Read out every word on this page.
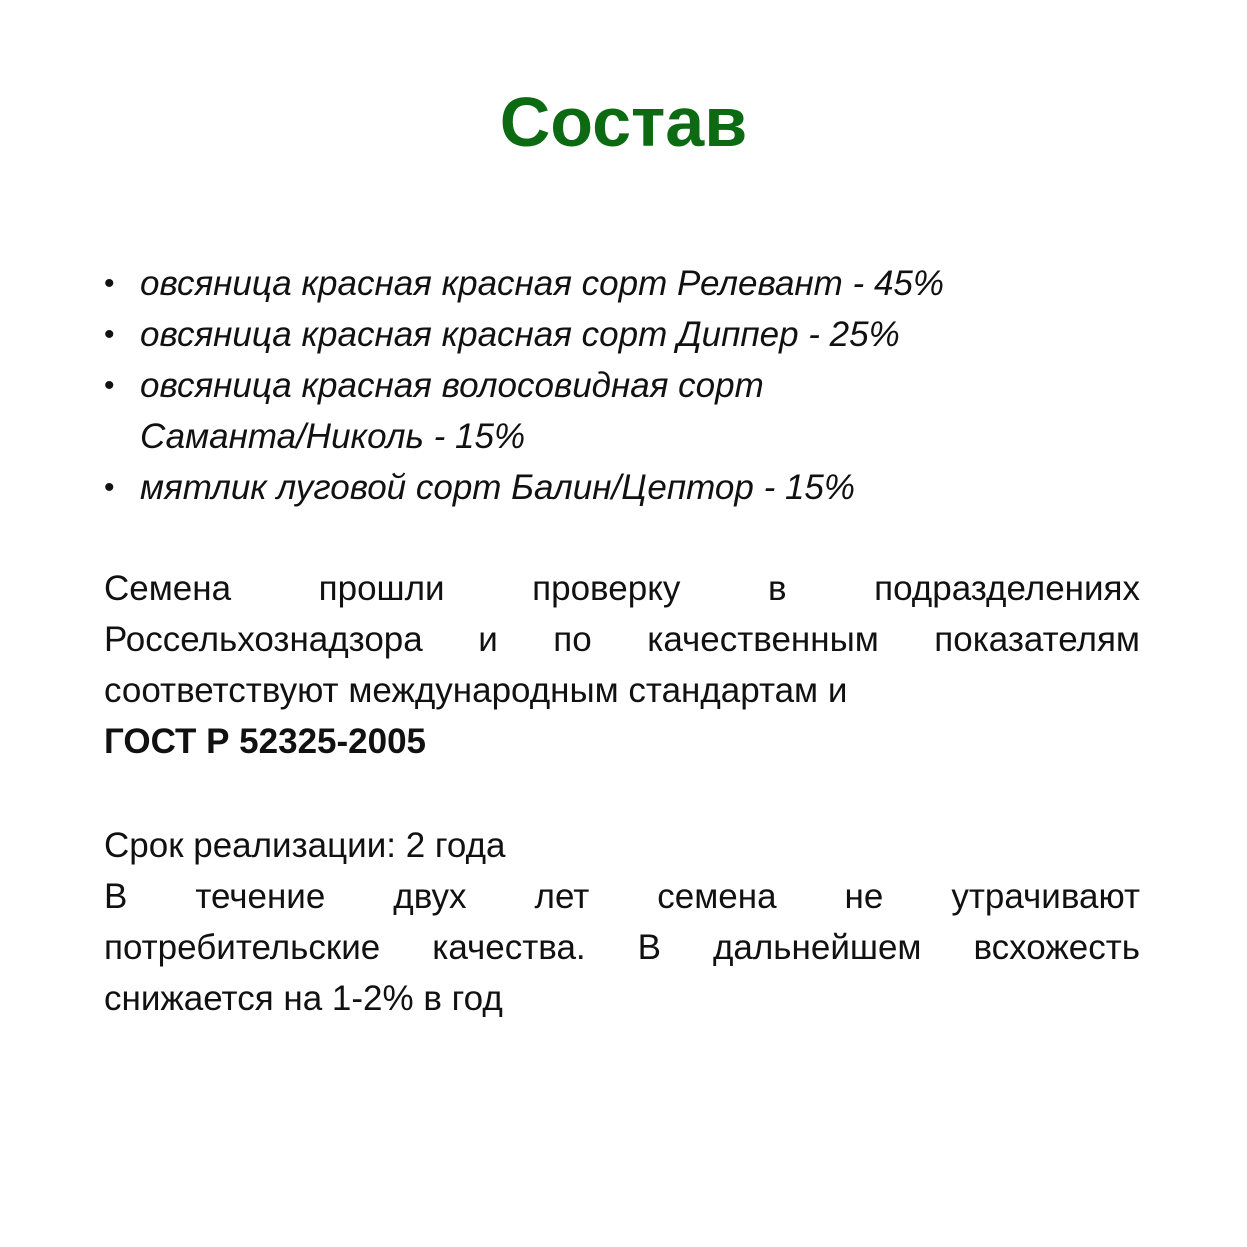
Состав
• овсяница красная красная сорт Релевант - 45%
• овсяница красная красная сорт Диппер - 25%
• овсяница красная волосовидная сорт Саманта/Николь - 15%
• мятлик луговой сорт Балин/Цептор - 15%
Семена прошли проверку в подразделениях
Россельхознадзора и по качественным показателям
соответствуют международным стандартам и
ГОСТ Р 52325-2005
Срок реализации: 2 года
В течение двух лет семена не утрачивают
потребительские качества. В дальнейшем всхожесть
снижается на 1-2% в год
